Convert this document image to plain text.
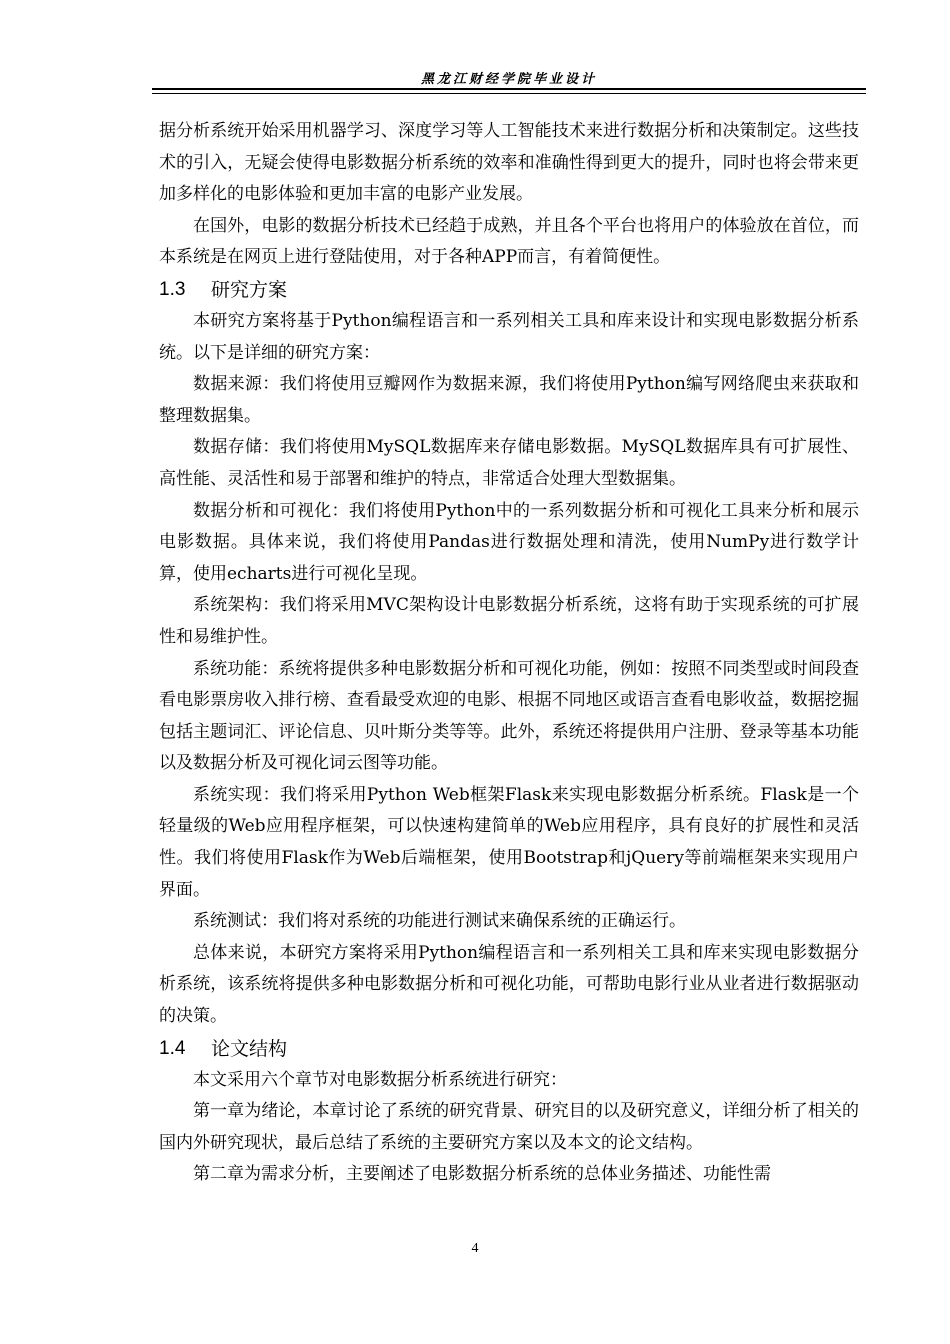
黑龙江财经学院毕业设计

据分析系统开始采用机器学习、深度学习等人工智能技术来进行数据分析和决策制定。这些技术的引入，无疑会使得电影数据分析系统的效率和准确性得到更大的提升，同时也将会带来更加多样化的电影体验和更加丰富的电影产业发展。

在国外，电影的数据分析技术已经趋于成熟，并且各个平台也将用户的体验放在首位，而本系统是在网页上进行登陆使用，对于各种APP而言，有着简便性。

1.3	研究方案

本研究方案将基于Python编程语言和一系列相关工具和库来设计和实现电影数据分析系统。以下是详细的研究方案：

数据来源：我们将使用豆瓣网作为数据来源，我们将使用Python编写网络爬虫来获取和整理数据集。

数据存储：我们将使用MySQL数据库来存储电影数据。MySQL数据库具有可扩展性、高性能、灵活性和易于部署和维护的特点，非常适合处理大型数据集。

数据分析和可视化：我们将使用Python中的一系列数据分析和可视化工具来分析和展示电影数据。具体来说，我们将使用Pandas进行数据处理和清洗，使用NumPy进行数学计算，使用echarts进行可视化呈现。

系统架构：我们将采用MVC架构设计电影数据分析系统，这将有助于实现系统的可扩展性和易维护性。

系统功能：系统将提供多种电影数据分析和可视化功能，例如：按照不同类型或时间段查看电影票房收入排行榜、查看最受欢迎的电影、根据不同地区或语言查看电影收益，数据挖掘包括主题词汇、评论信息、贝叶斯分类等等。此外，系统还将提供用户注册、登录等基本功能以及数据分析及可视化词云图等功能。

系统实现：我们将采用Python Web框架Flask来实现电影数据分析系统。Flask是一个轻量级的Web应用程序框架，可以快速构建简单的Web应用程序，具有良好的扩展性和灵活性。我们将使用Flask作为Web后端框架，使用Bootstrap和jQuery等前端框架来实现用户界面。

系统测试：我们将对系统的功能进行测试来确保系统的正确运行。

总体来说，本研究方案将采用Python编程语言和一系列相关工具和库来实现电影数据分析系统，该系统将提供多种电影数据分析和可视化功能，可帮助电影行业从业者进行数据驱动的决策。

1.4	论文结构

本文采用六个章节对电影数据分析系统进行研究：

第一章为绪论，本章讨论了系统的研究背景、研究目的以及研究意义，详细分析了相关的国内外研究现状，最后总结了系统的主要研究方案以及本文的论文结构。

第二章为需求分析，主要阐述了电影数据分析系统的总体业务描述、功能性需

4
